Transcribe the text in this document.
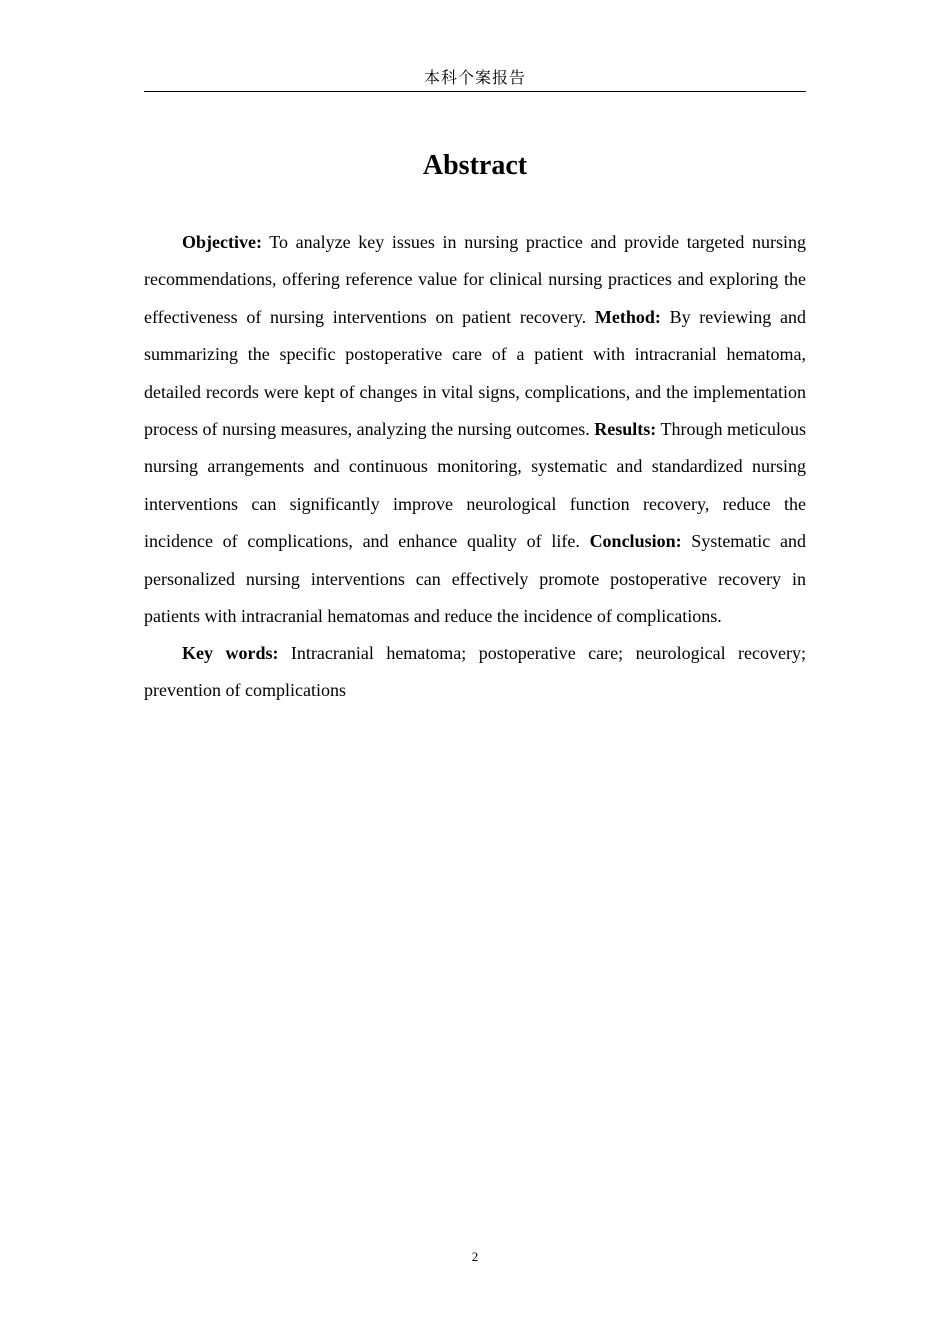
本科个案报告
Abstract

Objective: To analyze key issues in nursing practice and provide targeted nursing recommendations, offering reference value for clinical nursing practices and exploring the effectiveness of nursing interventions on patient recovery. Method: By reviewing and summarizing the specific postoperative care of a patient with intracranial hematoma, detailed records were kept of changes in vital signs, complications, and the implementation process of nursing measures, analyzing the nursing outcomes. Results: Through meticulous nursing arrangements and continuous monitoring, systematic and standardized nursing interventions can significantly improve neurological function recovery, reduce the incidence of complications, and enhance quality of life. Conclusion: Systematic and personalized nursing interventions can effectively promote postoperative recovery in patients with intracranial hematomas and reduce the incidence of complications.

Key words: Intracranial hematoma; postoperative care; neurological recovery; prevention of complications

2
